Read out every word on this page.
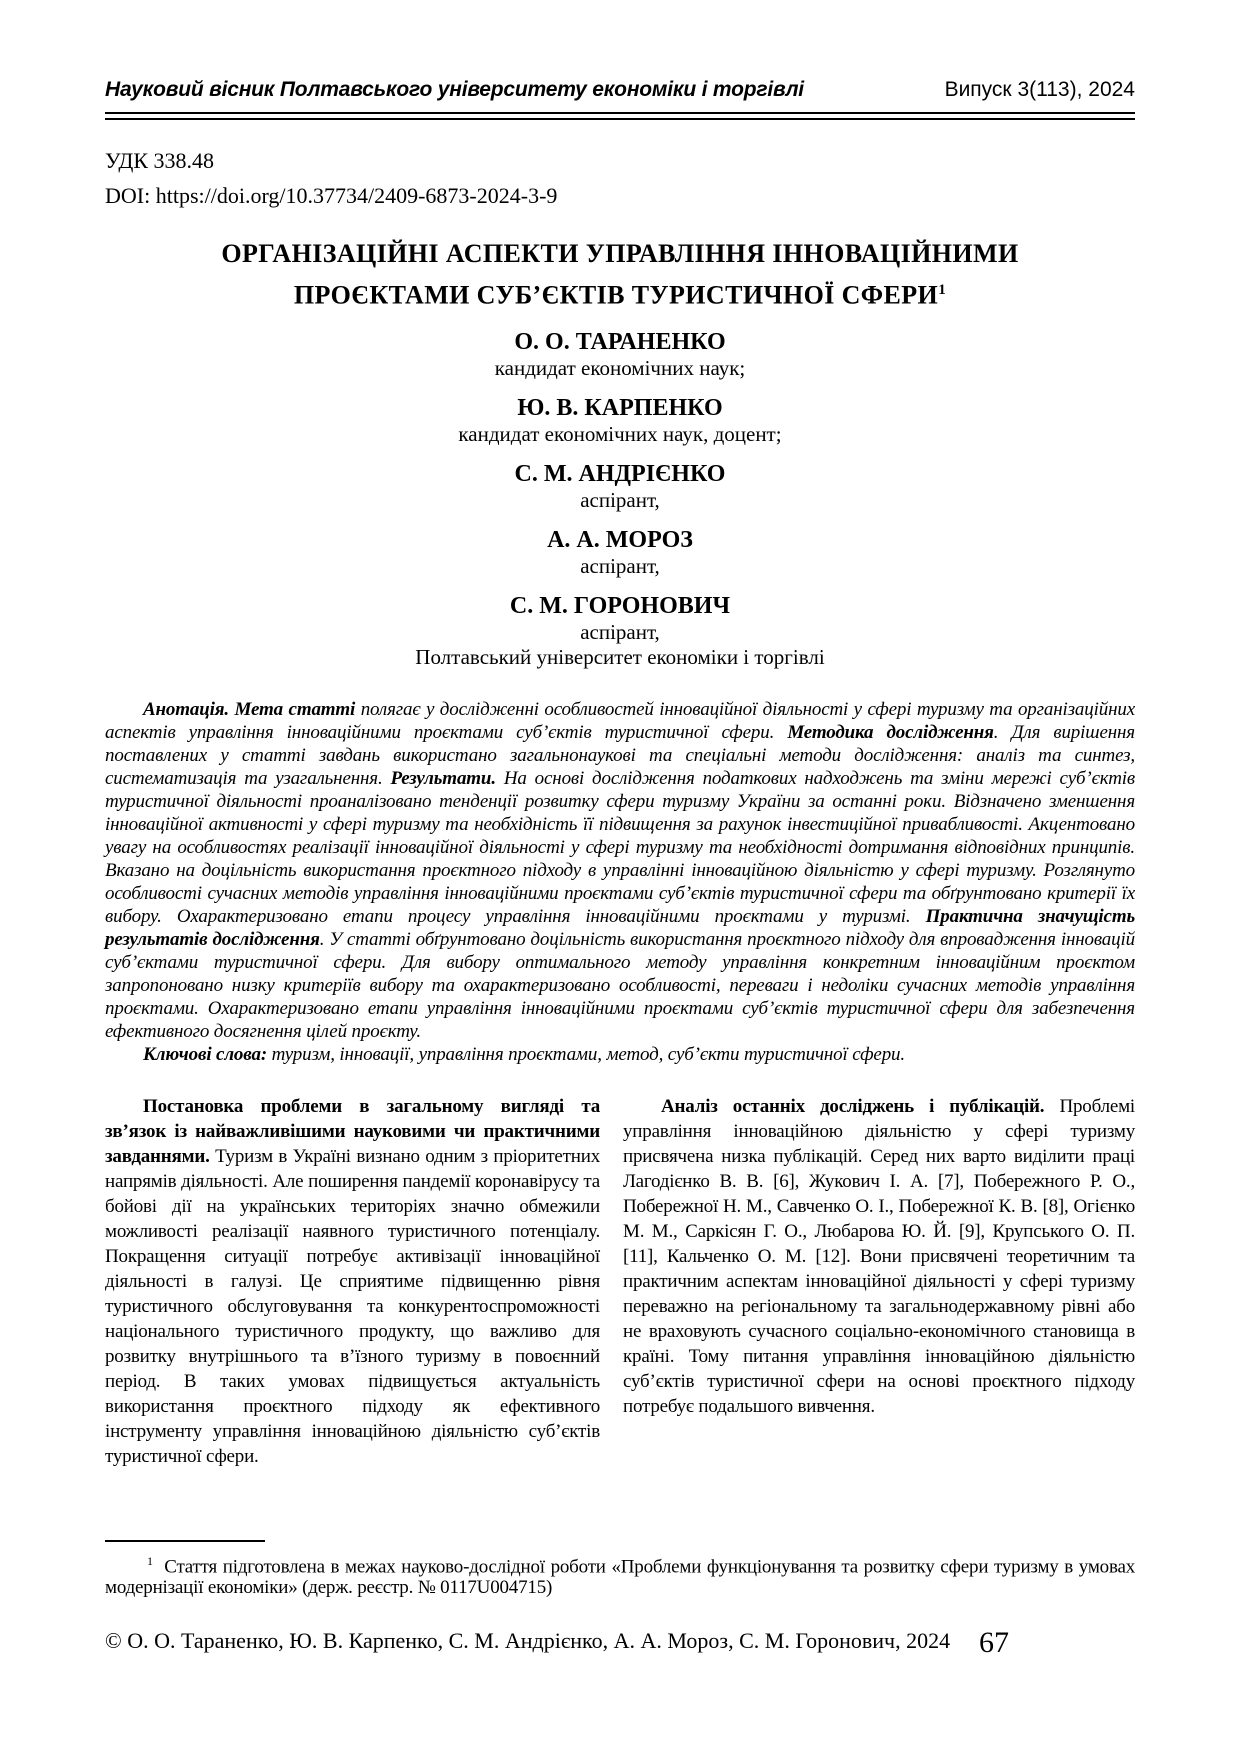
Науковий вісник Полтавського університету економіки і торгівлі	Випуск 3(113), 2024
УДК 338.48
DOI: https://doi.org/10.37734/2409-6873-2024-3-9
ОРГАНІЗАЦІЙНІ АСПЕКТИ УПРАВЛІННЯ ІННОВАЦІЙНИМИ
ПРОЄКТАМИ СУБ’ЄКТІВ ТУРИСТИЧНОЇ СФЕРИ$^1$
О. О. ТАРАНЕНКО
кандидат економічних наук;
Ю. В. КАРПЕНКО
кандидат економічних наук, доцент;
С. М. АНДРІЄНКО
аспірант,
А. А. МОРОЗ
аспірант,
С. М. ГОРОНОВИЧ
аспірант,
Полтавський університет економіки і торгівлі

Анотація. Мета статті полягає у дослідженні особливостей інноваційної діяльності у сфері туризму та організаційних аспектів управління інноваційними проєктами суб’єктів туристичної сфери. Методика дослідження. Для вирішення поставлених у статті завдань використано загальнонаукові та спеціальні методи дослідження: аналіз та синтез, систематизація та узагальнення. Результати. На основі дослідження податкових надходжень та зміни мережі суб’єктів туристичної діяльності проаналізовано тенденції розвитку сфери туризму України за останні роки. Відзначено зменшення інноваційної активності у сфері туризму та необхідність її підвищення за рахунок інвестиційної привабливості. Акцентовано увагу на особливостях реалізації інноваційної діяльності у сфері туризму та необхідності дотримання відповідних принципів. Вказано на доцільність використання проєктного підходу в управлінні інноваційною діяльністю у сфері туризму. Розглянуто особливості сучасних методів управління інноваційними проєктами суб’єктів туристичної сфери та обґрунтовано критерії їх вибору. Охарактеризовано етапи процесу управління інноваційними проєктами у туризмі. Практична значущість результатів дослідження. У статті обґрунтовано доцільність використання проєктного підходу для впровадження інновацій суб’єктами туристичної сфери. Для вибору оптимального методу управління конкретним інноваційним проєктом запропоновано низку критеріїв вибору та охарактеризовано особливості, переваги і недоліки сучасних методів управління проєктами. Охарактеризовано етапи управління інноваційними проєктами суб’єктів туристичної сфери для забезпечення ефективного досягнення цілей проєкту.

Ключові слова: туризм, інновації, управління проєктами, метод, суб’єкти туристичної сфери.

Постановка проблеми в загальному вигляді та зв’язок із найважливішими науковими чи практичними завданнями. Туризм в Україні визнано одним з пріоритетних напрямів діяльності. Але поширення пандемії коронавірусу та бойові дії на українських територіях значно обмежили можливості реалізації наявного туристичного потенціалу. Покращення ситуації потребує активізації інноваційної діяльності в галузі. Це сприятиме підвищенню рівня туристичного обслуговування та конкурентоспроможності національного туристичного продукту, що важливо для розвитку внутрішнього та в’їзного туризму в повоєнний період. В таких умовах підвищується актуальність використання проєктного підходу як ефективного інструменту управління інноваційною діяльністю суб’єктів туристичної сфери.

Аналіз останніх досліджень і публікацій. Проблемі управління інноваційною діяльністю у сфері туризму присвячена низка публікацій. Серед них варто виділити праці Лагодієнко В. В. [6], Жукович І. А. [7], Побережного Р. О., Побережної Н. М., Савченко О. І., Побережної К. В. [8], Огієнко М. М., Саркісян Г. О., Любарова Ю. Й. [9], Крупського О. П. [11], Кальченко О. М. [12]. Вони присвячені теоретичним та практичним аспектам інноваційної діяльності у сфері туризму переважно на регіональному та загальнодержавному рівні або не враховують сучасного соціально-економічного становища в країні. Тому питання управління інноваційною діяльністю суб’єктів туристичної сфери на основі проєктного підходу потребує подальшого вивчення.

$^1$ Стаття підготовлена в межах науково-дослідної роботи «Проблеми функціонування та розвитку сфери туризму в умовах модернізації економіки» (держ. реєстр. № 0117U004715)

© О. О. Тараненко, Ю. В. Карпенко, С. М. Андрієнко, А. А. Мороз, С. М. Горонович, 2024 67
